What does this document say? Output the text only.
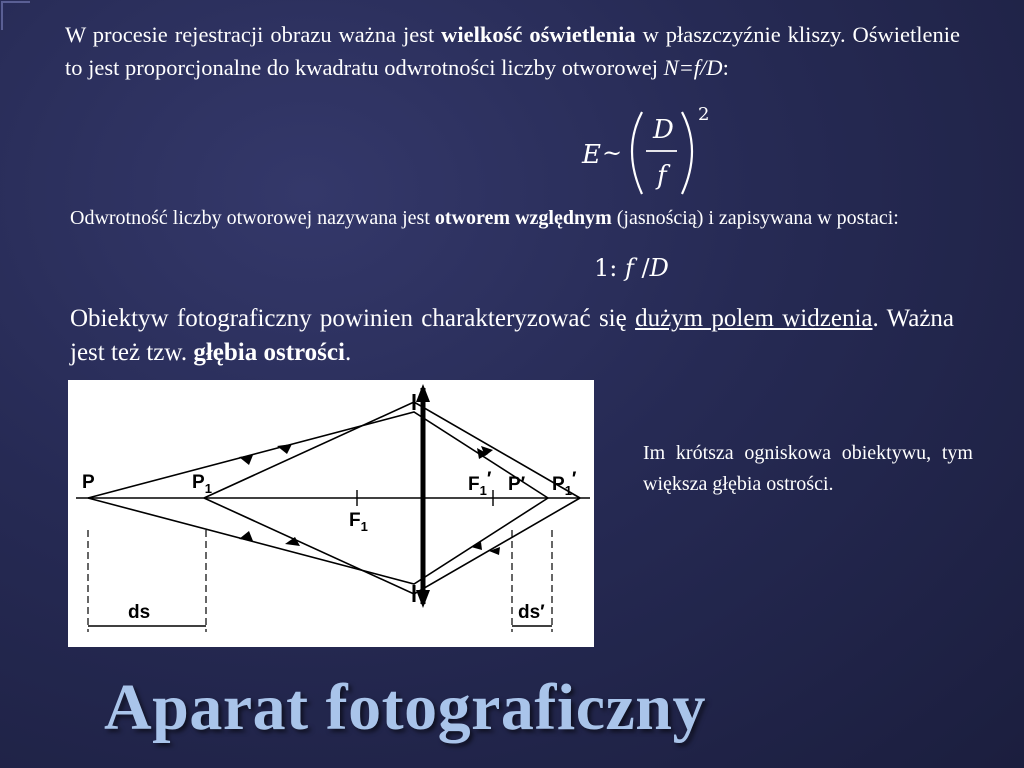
W procesie rejestracji obrazu ważna jest wielkość oświetlenia w płaszczyźnie kliszy. Oświetlenie to jest proporcjonalne do kwadratu odwrotności liczby otworowej N=f/D:

E ~
D
f
2

Odwrotność liczby otworowej nazywana jest otworem względnym (jasnością) i zapisywana w postaci:

1: f /D

Obiektyw fotograficzny powinien charakteryzować się dużym polem widzenia. Ważna jest też tzw. głębia ostrości.

P	$P_1$
$F_1$
$F_1'$ P′ $P_1'$
ds	ds′

Im krótsza ogniskowa obiektywu, tym większa głębia ostrości.

Aparat fotograficzny
